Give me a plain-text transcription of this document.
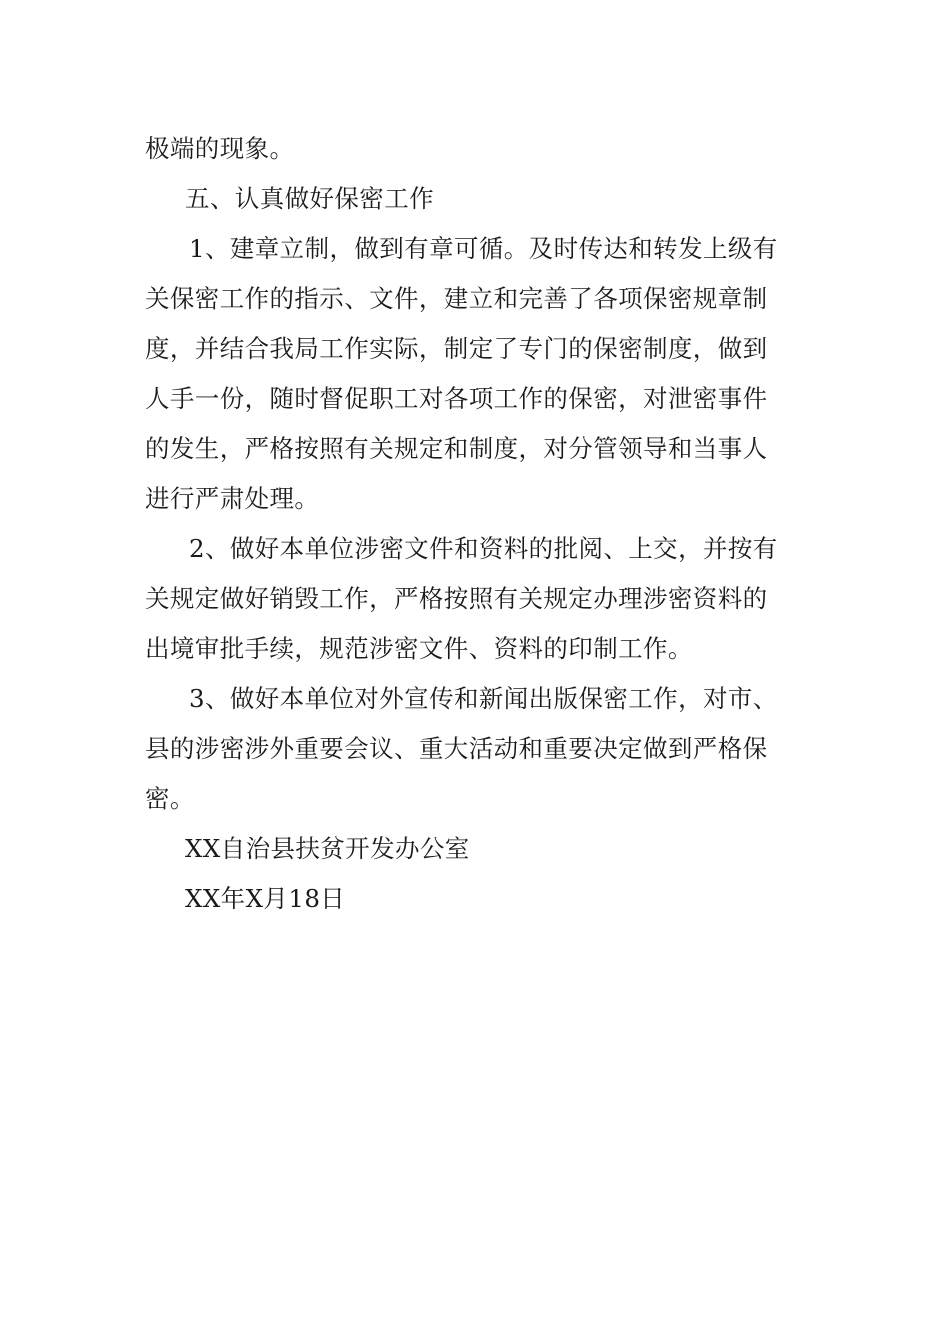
极端的现象。
五、认真做好保密工作
1、建章立制，做到有章可循。及时传达和转发上级有
关保密工作的指示、文件，建立和完善了各项保密规章制
度，并结合我局工作实际，制定了专门的保密制度，做到
人手一份，随时督促职工对各项工作的保密，对泄密事件
的发生，严格按照有关规定和制度，对分管领导和当事人
进行严肃处理。
2、做好本单位涉密文件和资料的批阅、上交，并按有
关规定做好销毁工作，严格按照有关规定办理涉密资料的
出境审批手续，规范涉密文件、资料的印制工作。
3、做好本单位对外宣传和新闻出版保密工作，对市、
县的涉密涉外重要会议、重大活动和重要决定做到严格保
密。
XX自治县扶贫开发办公室
XX年X月18日
